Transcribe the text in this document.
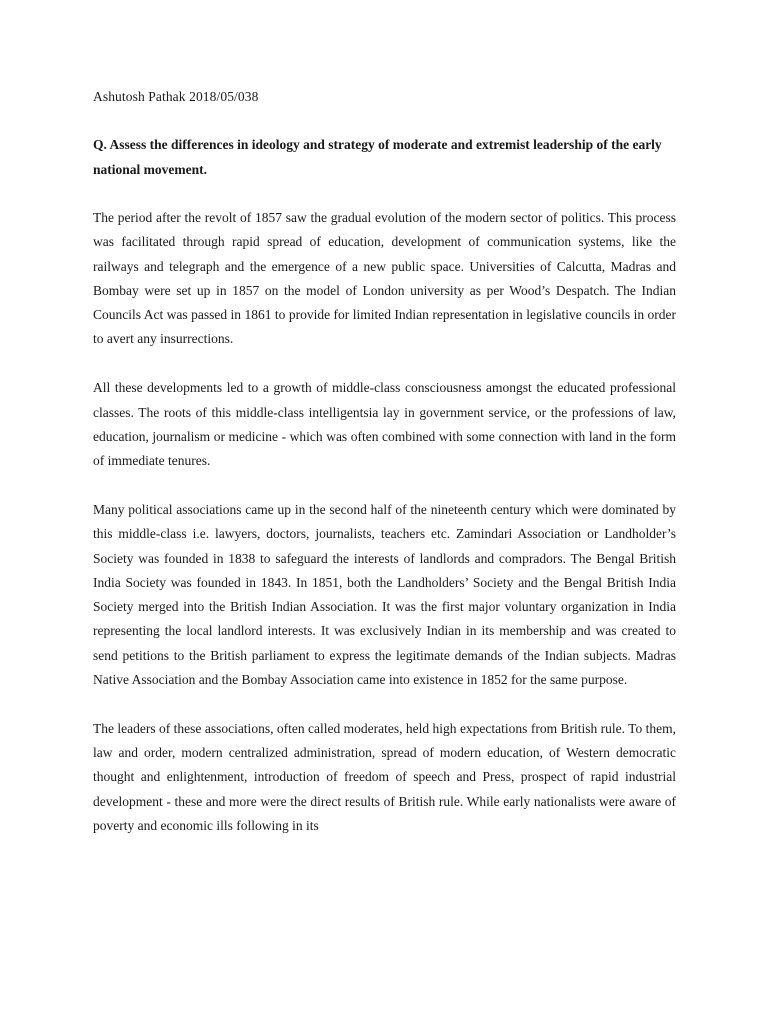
Ashutosh Pathak 2018/05/038

Q. Assess the differences in ideology and strategy of moderate and extremist leadership of the early national movement.

The period after the revolt of 1857 saw the gradual evolution of the modern sector of politics. This process was facilitated through rapid spread of education, development of communication systems, like the railways and telegraph and the emergence of a new public space. Universities of Calcutta, Madras and Bombay were set up in 1857 on the model of London university as per Wood’s Despatch. The Indian Councils Act was passed in 1861 to provide for limited Indian representation in legislative councils in order to avert any insurrections.

All these developments led to a growth of middle-class consciousness amongst the educated professional classes. The roots of this middle-class intelligentsia lay in government service, or the professions of law, education, journalism or medicine - which was often combined with some connection with land in the form of immediate tenures.

Many political associations came up in the second half of the nineteenth century which were dominated by this middle-class i.e. lawyers, doctors, journalists, teachers etc. Zamindari Association or Landholder’s Society was founded in 1838 to safeguard the interests of landlords and compradors. The Bengal British India Society was founded in 1843. In 1851, both the Landholders’ Society and the Bengal British India Society merged into the British Indian Association. It was the first major voluntary organization in India representing the local landlord interests. It was exclusively Indian in its membership and was created to send petitions to the British parliament to express the legitimate demands of the Indian subjects. Madras Native Association and the Bombay Association came into existence in 1852 for the same purpose.

The leaders of these associations, often called moderates, held high expectations from British rule. To them, law and order, modern centralized administration, spread of modern education, of Western democratic thought and enlightenment, introduction of freedom of speech and Press, prospect of rapid industrial development - these and more were the direct results of British rule. While early nationalists were aware of poverty and economic ills following in its
